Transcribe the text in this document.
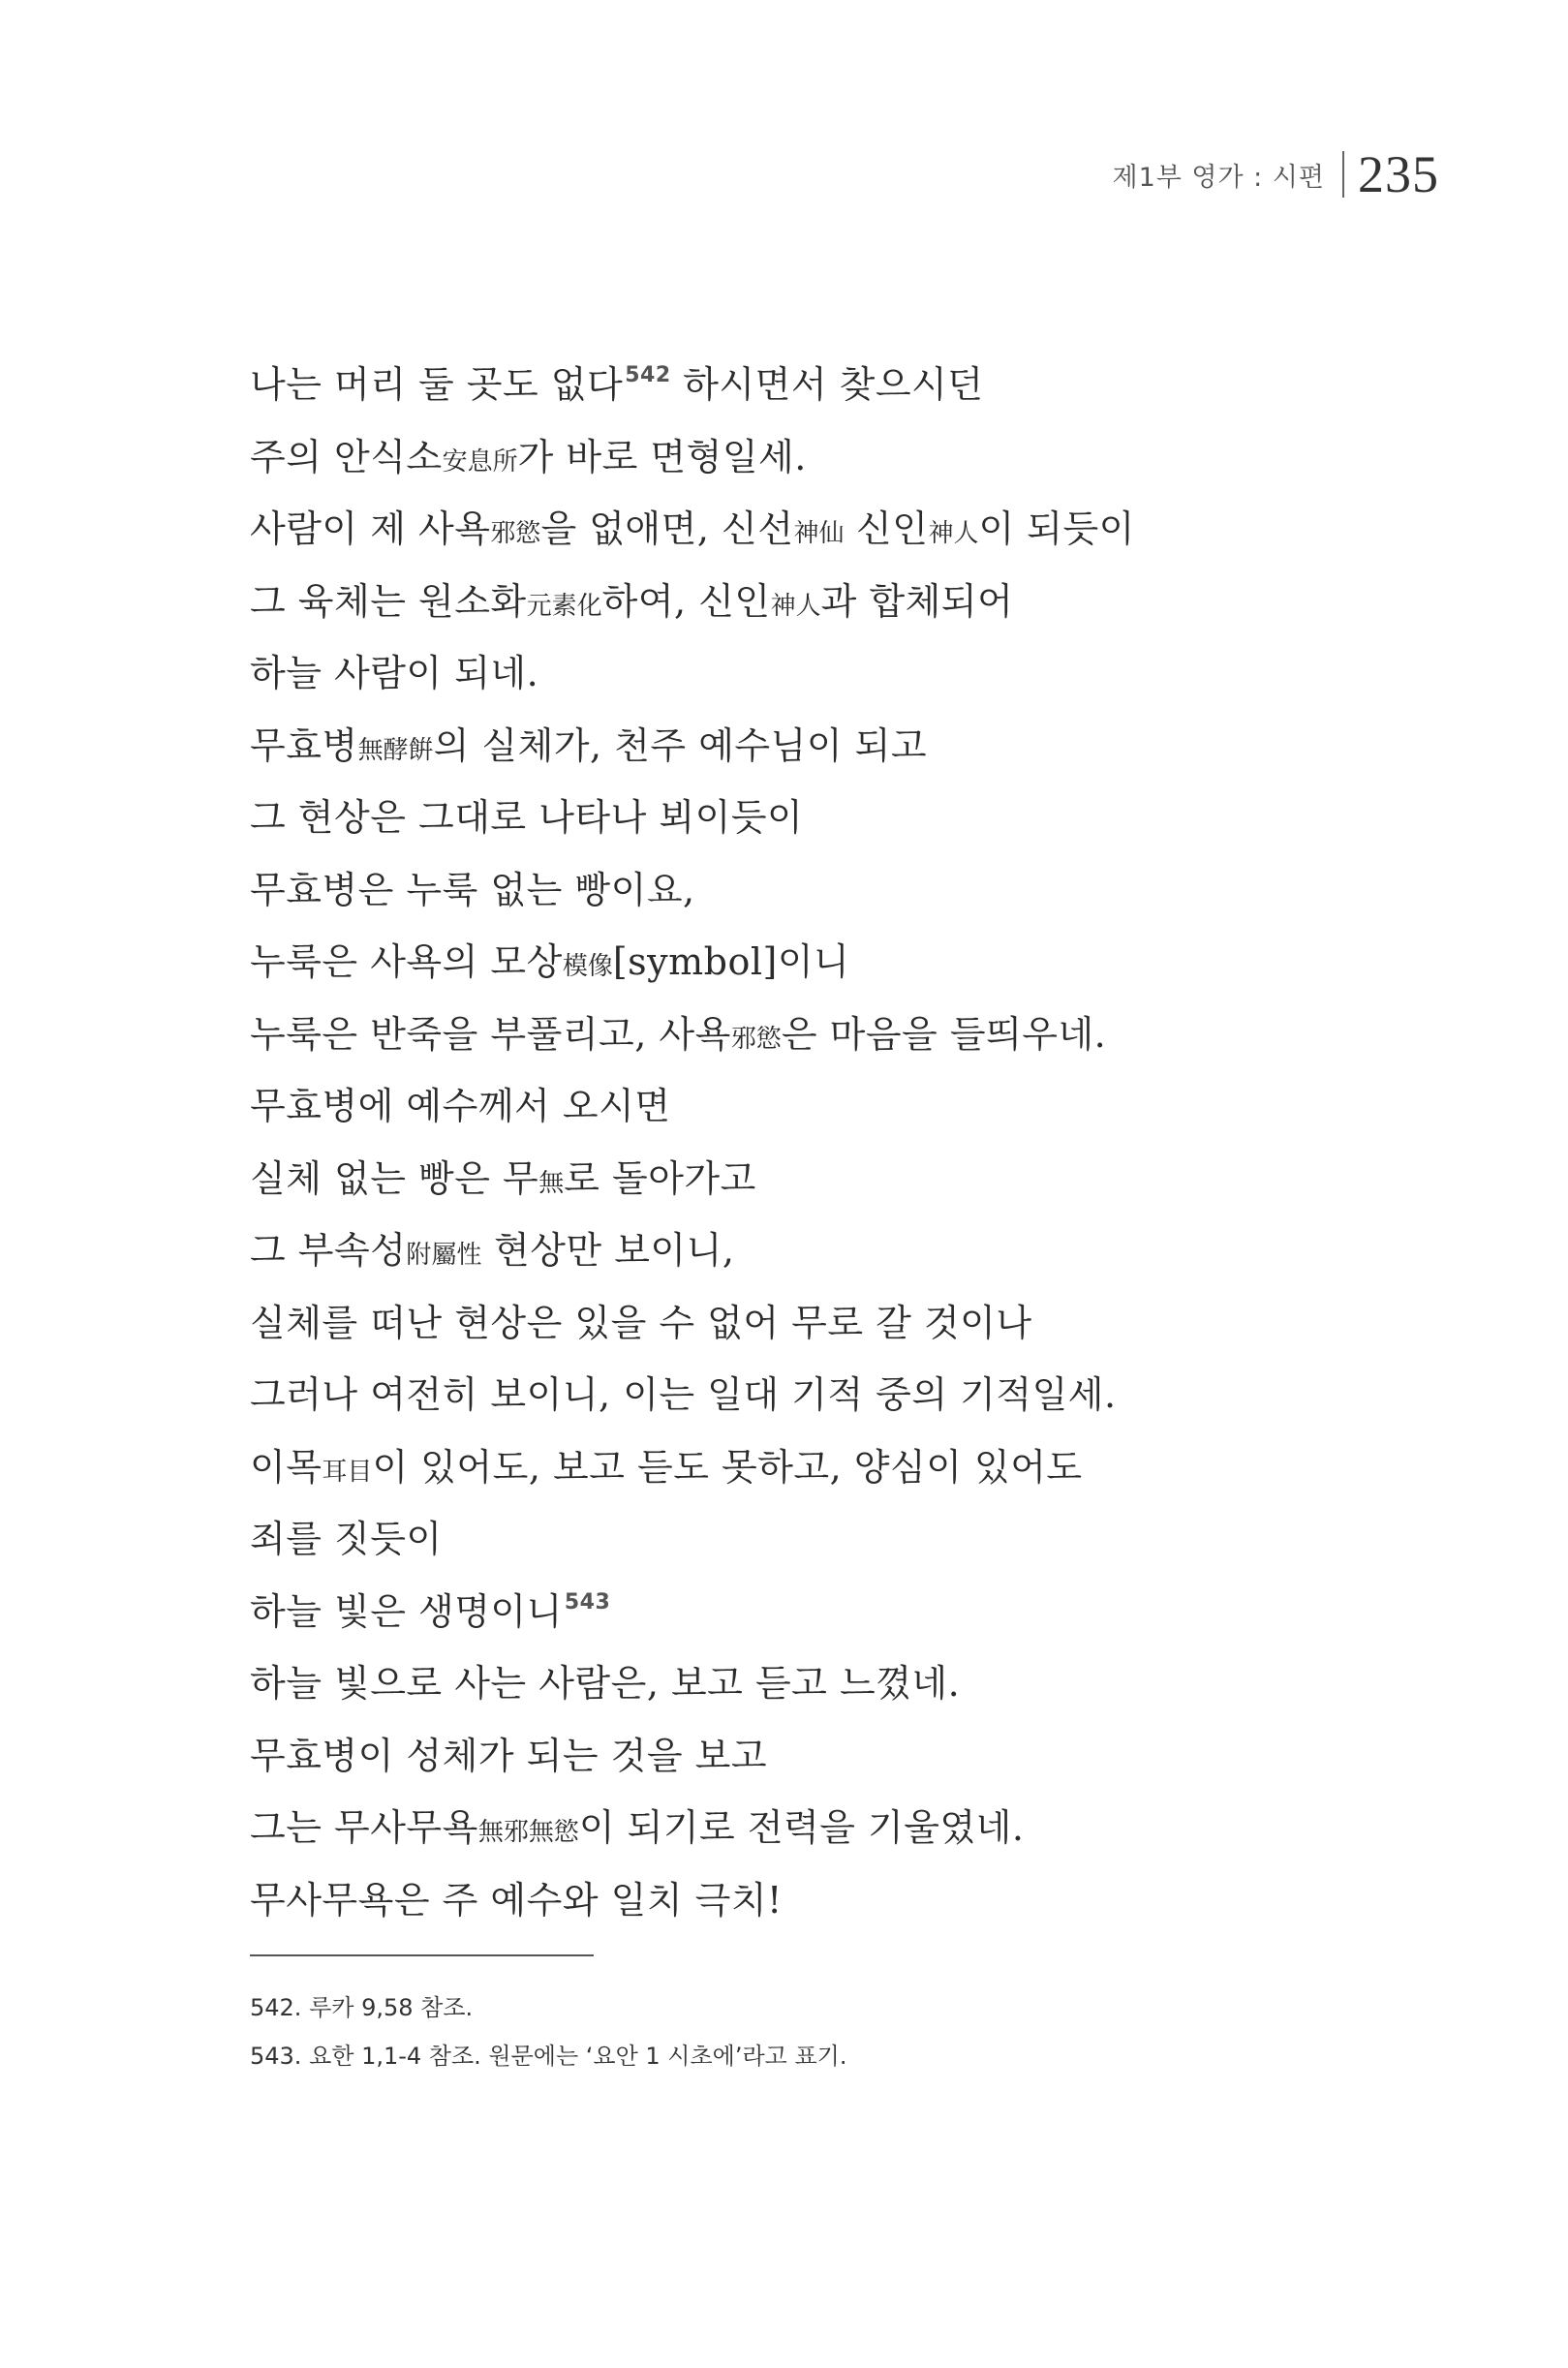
제1부 영가 : 시편 235
나는 머리 둘 곳도 없다$^{542}$ 하시면서 찾으시던
주의 안식소安息所가 바로 면형일세.
사람이 제 사욕邪慾을 없애면, 신선神仙 신인神人이 되듯이
그 육체는 원소화元素化하여, 신인神人과 합체되어
하늘 사람이 되네.
무효병無酵餠의 실체가, 천주 예수님이 되고
그 현상은 그대로 나타나 뵈이듯이
무효병은 누룩 없는 빵이요,
누룩은 사욕의 모상模像[symbol]이니
누룩은 반죽을 부풀리고, 사욕邪慾은 마음을 들띄우네.
무효병에 예수께서 오시면
실체 없는 빵은 무無로 돌아가고
그 부속성附屬性 현상만 보이니,
실체를 떠난 현상은 있을 수 없어 무로 갈 것이나
그러나 여전히 보이니, 이는 일대 기적 중의 기적일세.
이목耳目이 있어도, 보고 듣도 못하고, 양심이 있어도
죄를 짓듯이
하늘 빛은 생명이니$^{543}$
하늘 빛으로 사는 사람은, 보고 듣고 느꼈네.
무효병이 성체가 되는 것을 보고
그는 무사무욕無邪無慾이 되기로 전력을 기울였네.
무사무욕은 주 예수와 일치 극치!
542. 루카 9,58 참조.
543. 요한 1,1-4 참조. 원문에는 ‘요안 1 시초에’라고 표기.
